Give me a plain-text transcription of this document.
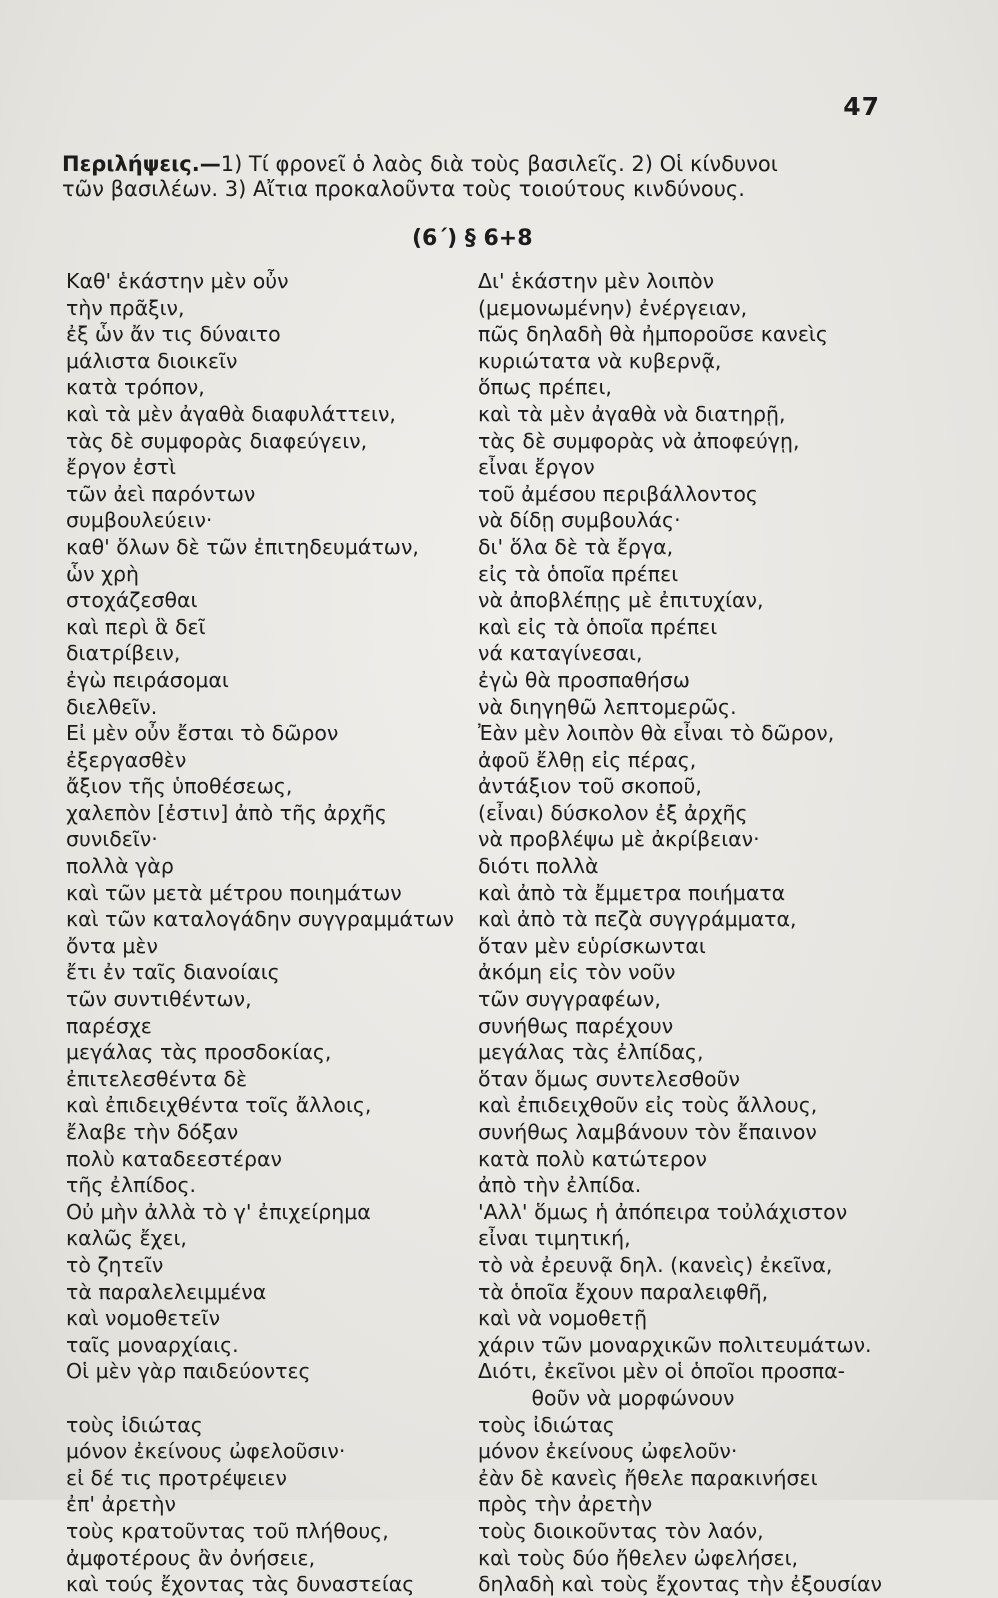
47
Περιλήψεις.—1) Τί φρονεῖ ὁ λαὸς διὰ τοὺς βασιλεῖς. 2) Οἱ κίνδυνοι
τῶν βασιλέων. 3) Αἴτια προκαλοῦντα τοὺς τοιούτους κινδύνους.
(6΄) § 6+8
Καθ' ἑκάστην μὲν οὖν
τὴν πρᾶξιν,
ἐξ ὧν ἄν τις δύναιτο
μάλιστα διοικεῖν
κατὰ τρόπον,
καὶ τὰ μὲν ἀγαθὰ διαφυλάττειν,
τὰς δὲ συμφορὰς διαφεύγειν,
ἔργον ἐστὶ
τῶν ἀεὶ παρόντων
συμβουλεύειν·
καθ' ὅλων δὲ τῶν ἐπιτηδευμάτων,
ὧν χρὴ
στοχάζεσθαι
καὶ περὶ ἃ δεῖ
διατρίβειν,
ἐγὼ πειράσομαι
διελθεῖν.
Εἰ μὲν οὖν ἔσται τὸ δῶρον
ἐξεργασθὲν
ἄξιον τῆς ὑποθέσεως,
χαλεπὸν [ἐστιν] ἀπὸ τῆς ἀρχῆς
συνιδεῖν·
πολλὰ γὰρ
καὶ τῶν μετὰ μέτρου ποιημάτων
καὶ τῶν καταλογάδην συγγραμμάτων
ὄντα μὲν
ἔτι ἐν ταῖς διανοίαις
τῶν συντιθέντων,
παρέσχε
μεγάλας τὰς προσδοκίας,
ἐπιτελεσθέντα δὲ
καὶ ἐπιδειχθέντα τοῖς ἄλλοις,
ἔλαβε τὴν δόξαν
πολὺ καταδεεστέραν
τῆς ἐλπίδος.
Οὐ μὴν ἀλλὰ τὸ γ' ἐπιχείρημα
καλῶς ἔχει,
τὸ ζητεῖν
τὰ παραλελειμμένα
καὶ νομοθετεῖν
ταῖς μοναρχίαις.
Οἱ μὲν γὰρ παιδεύοντες
τοὺς ἰδιώτας
μόνον ἐκείνους ὠφελοῦσιν·
εἰ δέ τις προτρέψειεν
ἐπ' ἀρετὴν
τοὺς κρατοῦντας τοῦ πλήθους,
ἀμφοτέρους ἂν ὀνήσειε,
καὶ τούς ἔχοντας τὰς δυναστείας
Δι' ἑκάστην μὲν λοιπὸν
(μεμονωμένην) ἐνέργειαν,
πῶς δηλαδὴ θὰ ἠμποροῦσε κανεὶς
κυριώτατα νὰ κυβερνᾷ,
ὅπως πρέπει,
καὶ τὰ μὲν ἀγαθὰ νὰ διατηρῇ,
τὰς δὲ συμφορὰς νὰ ἀποφεύγῃ,
εἶναι ἔργον
τοῦ ἀμέσου περιβάλλοντος
νὰ δίδῃ συμβουλάς·
δι' ὅλα δὲ τὰ ἔργα,
εἰς τὰ ὁποῖα πρέπει
νὰ ἀποβλέπῃς μὲ ἐπιτυχίαν,
καὶ εἰς τὰ ὁποῖα πρέπει
νά καταγίνεσαι,
ἐγὼ θὰ προσπαθήσω
νὰ διηγηθῶ λεπτομερῶς.
Ἐὰν μὲν λοιπὸν θὰ εἶναι τὸ δῶρον,
ἀφοῦ ἔλθῃ εἰς πέρας,
ἀντάξιον τοῦ σκοποῦ,
(εἶναι) δύσκολον ἐξ ἀρχῆς
νὰ προβλέψω μὲ ἀκρίβειαν·
διότι πολλὰ
καὶ ἀπὸ τὰ ἔμμετρα ποιήματα
καὶ ἀπὸ τὰ πεζὰ συγγράμματα,
ὅταν μὲν εὑρίσκωνται
ἀκόμη εἰς τὸν νοῦν
τῶν συγγραφέων,
συνήθως παρέχουν
μεγάλας τὰς ἐλπίδας,
ὅταν ὅμως συντελεσθοῦν
καὶ ἐπιδειχθοῦν εἰς τοὺς ἄλλους,
συνήθως λαμβάνουν τὸν ἔπαινον
κατὰ πολὺ κατώτερον
ἀπὸ τὴν ἐλπίδα.
'Αλλ' ὅμως ἡ ἀπόπειρα τοὐλάχιστον
εἶναι τιμητική,
τὸ νὰ ἐρευνᾷ δηλ. (κανεὶς) ἐκεῖνα,
τὰ ὁποῖα ἔχουν παραλειφθῆ,
καὶ νὰ νομοθετῇ
χάριν τῶν μοναρχικῶν πολιτευμάτων.
Διότι, ἐκεῖνοι μὲν οἱ ὁποῖοι προσπα-
θοῦν νὰ μορφώνουν
τοὺς ἰδιώτας
μόνον ἐκείνους ὠφελοῦν·
ἐὰν δὲ κανεὶς ἤθελε παρακινήσει
πρὸς τὴν ἀρετὴν
τοὺς διοικοῦντας τὸν λαόν,
καὶ τοὺς δύο ἤθελεν ὠφελήσει,
δηλαδὴ καὶ τοὺς ἔχοντας τὴν ἐξουσίαν
